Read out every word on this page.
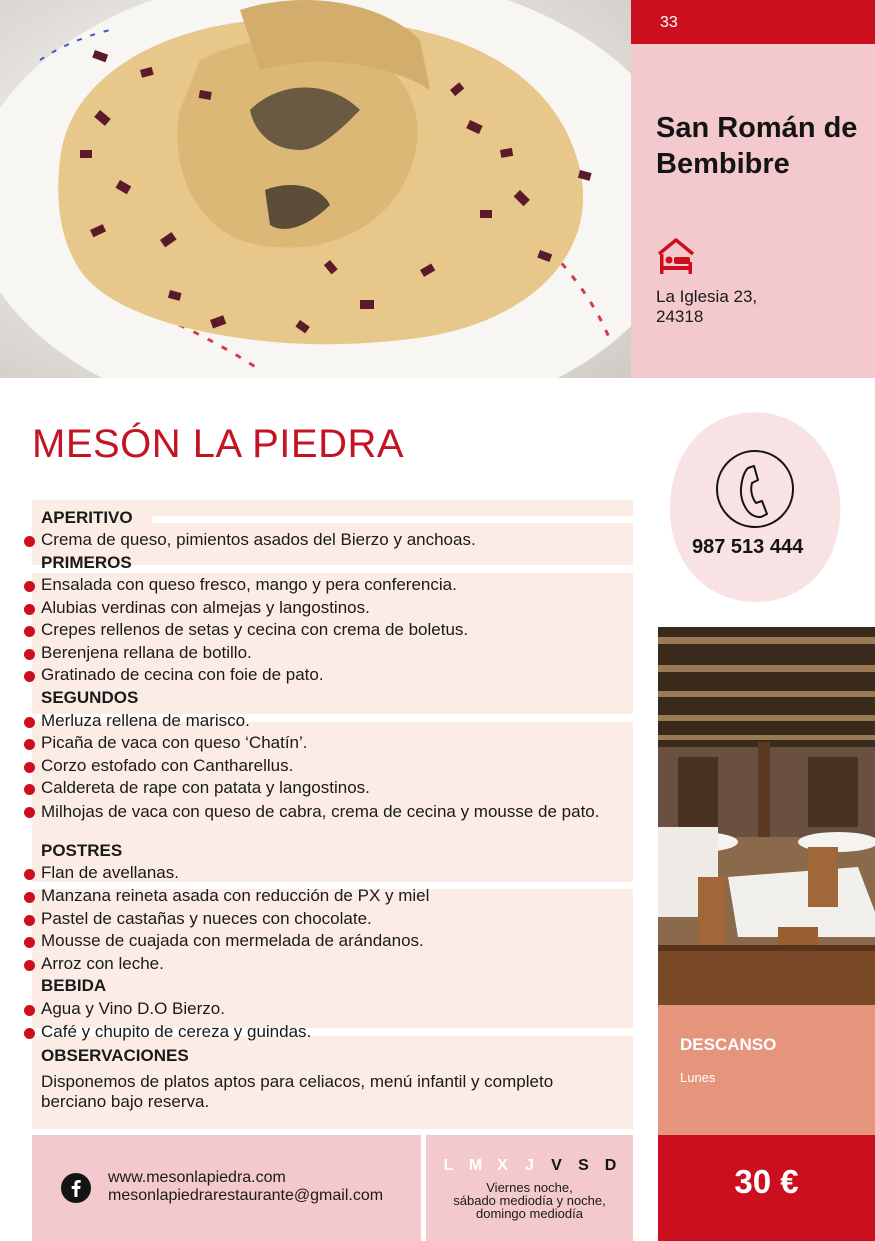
33
San Román de Bembibre
La Iglesia 23,
24318
MESÓN LA PIEDRA
987 513 444
APERITIVO
Crema de queso, pimientos asados del Bierzo y anchoas.
PRIMEROS
Ensalada con queso fresco, mango y pera conferencia.
Alubias verdinas con almejas y langostinos.
Crepes rellenos de setas y cecina con crema de boletus.
Berenjena rellana de botillo.
Gratinado de cecina con foie de pato.
SEGUNDOS
Merluza rellena de marisco.
Picaña de vaca con queso ‘Chatín’.
Corzo estofado con Cantharellus.
Caldereta de rape con patata y langostinos.
Milhojas de vaca con queso de cabra, crema de cecina y mousse de pato.
POSTRES
Flan de avellanas.
Manzana reineta asada con reducción de PX y miel
Pastel de castañas y nueces con chocolate.
Mousse de cuajada con mermelada de arándanos.
Arroz con leche.
BEBIDA
Agua y Vino D.O Bierzo.
Café y chupito de cereza y guindas.
OBSERVACIONES
Disponemos de platos aptos para celiacos, menú infantil y completo berciano bajo reserva.
www.mesonlapiedra.com
mesonlapiedrarestaurante@gmail.com
L M X J V S D
Viernes noche,
sábado mediodía y noche,
domingo mediodía
DESCANSO
Lunes
30 €
